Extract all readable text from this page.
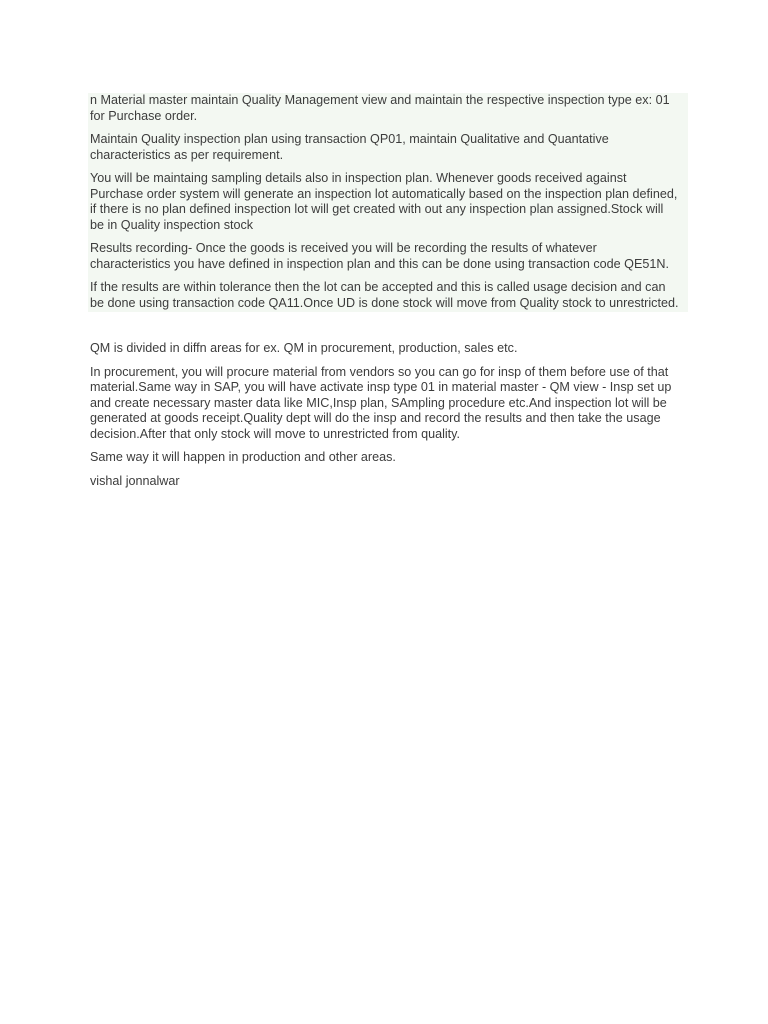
n Material master maintain Quality Management view and maintain the respective inspection type ex: 01 for Purchase order.

Maintain Quality inspection plan using transaction QP01, maintain Qualitative and Quantative characteristics as per requirement.

You will be maintaing sampling details also in inspection plan. Whenever goods received against Purchase order system will generate an inspection lot automatically based on the inspection plan defined, if there is no plan defined inspection lot will get created with out any inspection plan assigned.Stock will be in Quality inspection stock

Results recording- Once the goods is received you will be recording the results of whatever characteristics you have defined in inspection plan and this can be done using transaction code QE51N.

If the results are within tolerance then the lot can be accepted and this is called usage decision and can be done using transaction code QA11.Once UD is done stock will move from Quality stock to unrestricted.

QM is divided in diffn areas for ex. QM in procurement, production, sales etc.

In procurement, you will procure material from vendors so you can go for insp of them before use of that material.Same way in SAP, you will have activate insp type 01 in material master - QM view - Insp set up and create necessary master data like MIC,Insp plan, SAmpling procedure etc.And inspection lot will be generated at goods receipt.Quality dept will do the insp and record the results and then take the usage decision.After that only stock will move to unrestricted from quality.

Same way it will happen in production and other areas.

vishal jonnalwar
